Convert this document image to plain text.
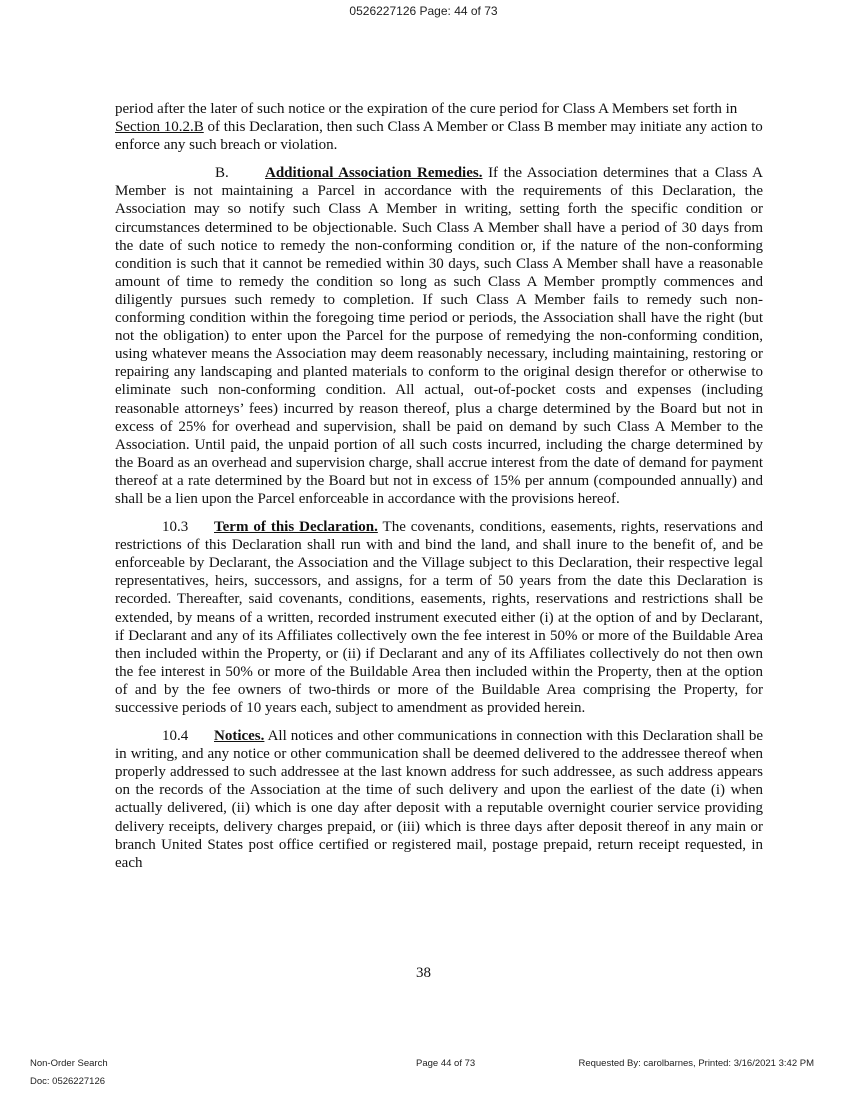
0526227126 Page: 44 of 73

period after the later of such notice or the expiration of the cure period for Class A Members set forth in Section 10.2.B of this Declaration, then such Class A Member or Class B member may initiate any action to enforce any such breach or violation.

B. Additional Association Remedies. If the Association determines that a Class A Member is not maintaining a Parcel in accordance with the requirements of this Declaration, the Association may so notify such Class A Member in writing, setting forth the specific condition or circumstances determined to be objectionable. Such Class A Member shall have a period of 30 days from the date of such notice to remedy the non-conforming condition or, if the nature of the non-conforming condition is such that it cannot be remedied within 30 days, such Class A Member shall have a reasonable amount of time to remedy the condition so long as such Class A Member promptly commences and diligently pursues such remedy to completion. If such Class A Member fails to remedy such non-conforming condition within the foregoing time period or periods, the Association shall have the right (but not the obligation) to enter upon the Parcel for the purpose of remedying the non-conforming condition, using whatever means the Association may deem reasonably necessary, including maintaining, restoring or repairing any landscaping and planted materials to conform to the original design therefor or otherwise to eliminate such non-conforming condition. All actual, out-of-pocket costs and expenses (including reasonable attorneys’ fees) incurred by reason thereof, plus a charge determined by the Board but not in excess of 25% for overhead and supervision, shall be paid on demand by such Class A Member to the Association. Until paid, the unpaid portion of all such costs incurred, including the charge determined by the Board as an overhead and supervision charge, shall accrue interest from the date of demand for payment thereof at a rate determined by the Board but not in excess of 15% per annum (compounded annually) and shall be a lien upon the Parcel enforceable in accordance with the provisions hereof.

10.3 Term of this Declaration. The covenants, conditions, easements, rights, reservations and restrictions of this Declaration shall run with and bind the land, and shall inure to the benefit of, and be enforceable by Declarant, the Association and the Village subject to this Declaration, their respective legal representatives, heirs, successors, and assigns, for a term of 50 years from the date this Declaration is recorded. Thereafter, said covenants, conditions, easements, rights, reservations and restrictions shall be extended, by means of a written, recorded instrument executed either (i) at the option of and by Declarant, if Declarant and any of its Affiliates collectively own the fee interest in 50% or more of the Buildable Area then included within the Property, or (ii) if Declarant and any of its Affiliates collectively do not then own the fee interest in 50% or more of the Buildable Area then included within the Property, then at the option of and by the fee owners of two-thirds or more of the Buildable Area comprising the Property, for successive periods of 10 years each, subject to amendment as provided herein.

10.4 Notices. All notices and other communications in connection with this Declaration shall be in writing, and any notice or other communication shall be deemed delivered to the addressee thereof when properly addressed to such addressee at the last known address for such addressee, as such address appears on the records of the Association at the time of such delivery and upon the earliest of the date (i) when actually delivered, (ii) which is one day after deposit with a reputable overnight courier service providing delivery receipts, delivery charges prepaid, or (iii) which is three days after deposit thereof in any main or branch United States post office certified or registered mail, postage prepaid, return receipt requested, in each

38
Non-Order Search
Doc: 0526227126
Page 44 of 73	Requested By: carolbarnes, Printed: 3/16/2021 3:42 PM
